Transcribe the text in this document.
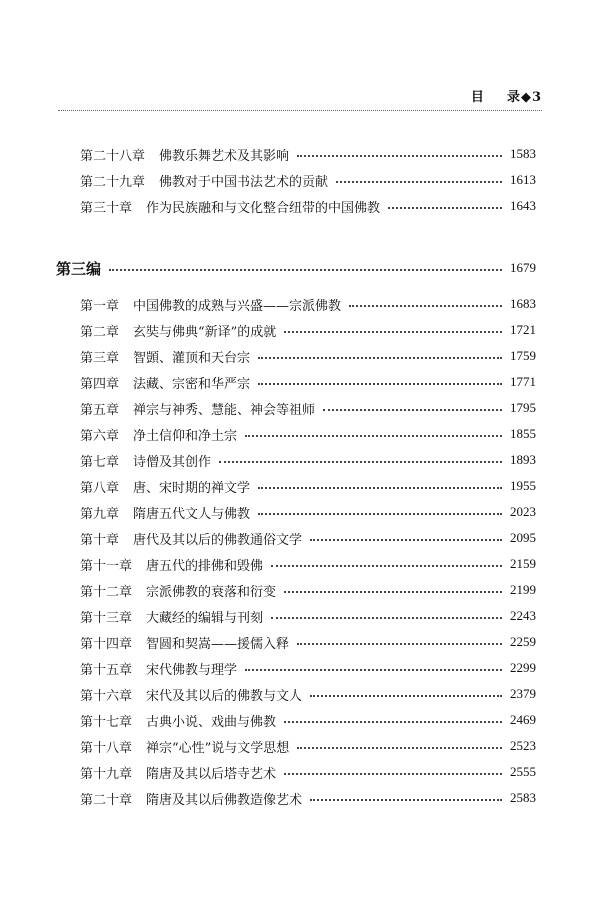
目 录◆3
第二十八章 佛教乐舞艺术及其影响	1583
第二十九章 佛教对于中国书法艺术的贡献	1613
第三十章 作为民族融和与文化整合纽带的中国佛教	1643
第三编	1679
第一章 中国佛教的成熟与兴盛——宗派佛教	1683
第二章 玄奘与佛典“新译”的成就	1721
第三章 智顗、灌顶和天台宗	1759
第四章 法藏、宗密和华严宗	1771
第五章 禅宗与神秀、慧能、神会等祖师	1795
第六章 净土信仰和净土宗	1855
第七章 诗僧及其创作	1893
第八章 唐、宋时期的禅文学	1955
第九章 隋唐五代文人与佛教	2023
第十章 唐代及其以后的佛教通俗文学	2095
第十一章 唐五代的排佛和毁佛	2159
第十二章 宗派佛教的衰落和衍变	2199
第十三章 大藏经的编辑与刊刻	2243
第十四章 智圆和契嵩——援儒入释	2259
第十五章 宋代佛教与理学	2299
第十六章 宋代及其以后的佛教与文人	2379
第十七章 古典小说、戏曲与佛教	2469
第十八章 禅宗“心性”说与文学思想	2523
第十九章 隋唐及其以后塔寺艺术	2555
第二十章 隋唐及其以后佛教造像艺术	2583
